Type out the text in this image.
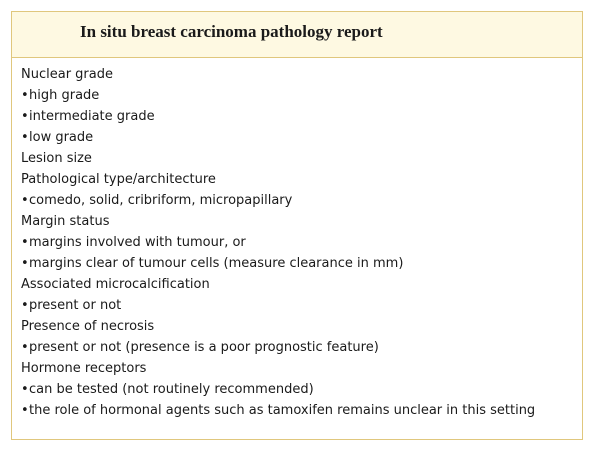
In situ breast carcinoma pathology report
Nuclear grade
•high grade
•intermediate grade
•low grade
Lesion size
Pathological type/architecture
•comedo, solid, cribriform, micropapillary
Margin status
•margins involved with tumour, or
•margins clear of tumour cells (measure clearance in mm)
Associated microcalcification
•present or not
Presence of necrosis
•present or not (presence is a poor prognostic feature)
Hormone receptors
•can be tested (not routinely recommended)
•the role of hormonal agents such as tamoxifen remains unclear in this setting
